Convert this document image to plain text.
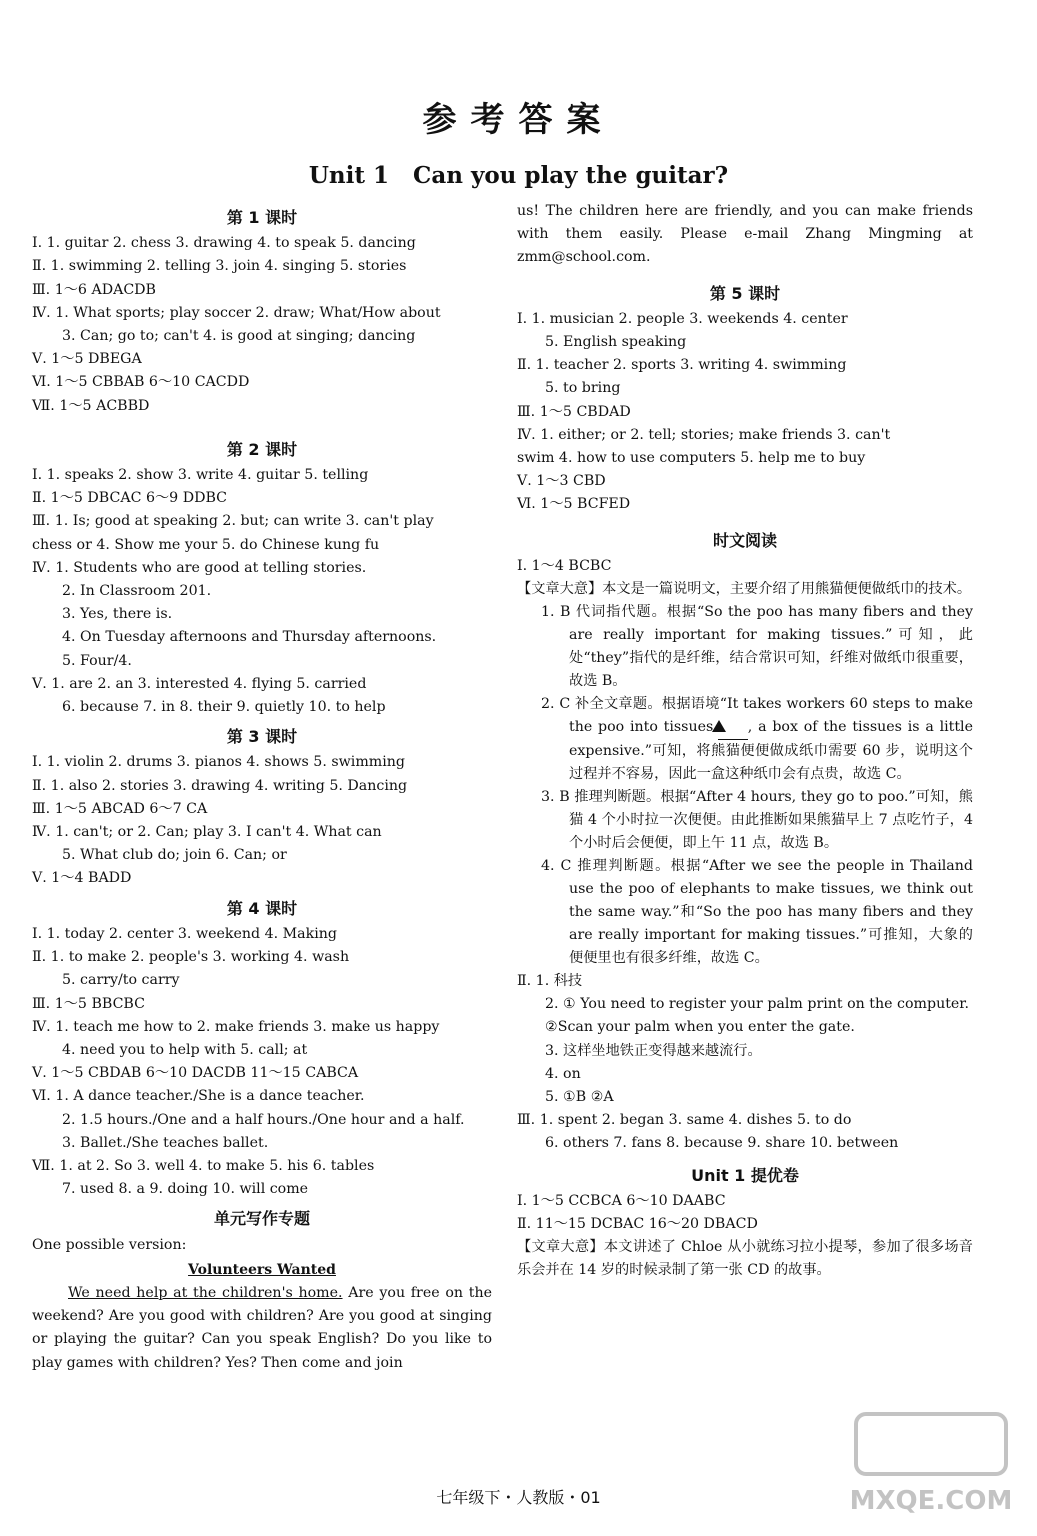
参考答案
Unit 1   Can you play the guitar?
第 1 课时
Ⅰ. 1. guitar 2. chess 3. drawing 4. to speak 5. dancing
Ⅱ. 1. swimming 2. telling 3. join 4. singing 5. stories
Ⅲ. 1～6 ADACDB
Ⅳ. 1. What sports; play soccer 2. draw; What/How about
3. Can; go to; can't 4. is good at singing; dancing
Ⅴ. 1～5 DBEGA
Ⅵ. 1～5 CBBAB 6～10 CACDD
Ⅶ. 1～5 ACBBD
第 2 课时
Ⅰ. 1. speaks 2. show 3. write 4. guitar 5. telling
Ⅱ. 1～5 DBCAC 6～9 DDBC
Ⅲ. 1. Is; good at speaking 2. but; can write 3. can't play
chess or 4. Show me your 5. do Chinese kung fu
Ⅳ. 1. Students who are good at telling stories.
2. In Classroom 201.
3. Yes, there is.
4. On Tuesday afternoons and Thursday afternoons.
5. Four/4.
Ⅴ. 1. are 2. an 3. interested 4. flying 5. carried
6. because 7. in 8. their 9. quietly 10. to help
第 3 课时
Ⅰ. 1. violin 2. drums 3. pianos 4. shows 5. swimming
Ⅱ. 1. also 2. stories 3. drawing 4. writing 5. Dancing
Ⅲ. 1～5 ABCAD 6～7 CA
Ⅳ. 1. can't; or 2. Can; play 3. I can't 4. What can
5. What club do; join 6. Can; or
Ⅴ. 1～4 BADD
第 4 课时
Ⅰ. 1. today 2. center 3. weekend 4. Making
Ⅱ. 1. to make 2. people's 3. working 4. wash
5. carry/to carry
Ⅲ. 1～5 BBCBC
Ⅳ. 1. teach me how to 2. make friends 3. make us happy
4. need you to help with 5. call; at
Ⅴ. 1～5 CBDAB 6～10 DACDB 11～15 CABCA
Ⅵ. 1. A dance teacher./She is a dance teacher.
2. 1.5 hours./One and a half hours./One hour and a half.
3. Ballet./She teaches ballet.
Ⅶ. 1. at 2. So 3. well 4. to make 5. his 6. tables
7. used 8. a 9. doing 10. will come
单元写作专题
One possible version:
Volunteers Wanted
We need help at the children's home. Are you free on the weekend? Are you good with children? Are you good at singing or playing the guitar? Can you speak English? Do you like to play games with children? Yes? Then come and join
us! The children here are friendly, and you can make friends with them easily. Please e-mail Zhang Mingming at zmm@school.com.
第 5 课时
Ⅰ. 1. musician 2. people 3. weekends 4. center
5. English speaking
Ⅱ. 1. teacher 2. sports 3. writing 4. swimming
5. to bring
Ⅲ. 1～5 CBDAD
Ⅳ. 1. either; or 2. tell; stories; make friends 3. can't
swim 4. how to use computers 5. help me to buy
Ⅴ. 1～3 CBD
Ⅵ. 1～5 BCFED
时文阅读
Ⅰ. 1～4 BCBC
【文章大意】本文是一篇说明文，主要介绍了用熊猫便便做纸巾的技术。
1. B 代词指代题。根据“So the poo has many fibers and they are really important for making tissues.”可知，此处“they”指代的是纤维，结合常识可知，纤维对做纸巾很重要，故选 B。
2. C 补全文章题。根据语境“It takes workers 60 steps to make the poo into tissues. , a box of the tissues is a little expensive.”可知，将熊猫便便做成纸巾需要 60 步，说明这个过程并不容易，因此一盒这种纸巾会有点贵，故选 C。
3. B 推理判断题。根据“After 4 hours, they go to poo.”可知，熊猫 4 个小时拉一次便便。由此推断如果熊猫早上 7 点吃竹子，4 个小时后会便便，即上午 11 点，故选 B。
4. C 推理判断题。根据“After we see the people in Thailand use the poo of elephants to make tissues, we think out the same way.”和“So the poo has many fibers and they are really important for making tissues.”可推知，大象的便便里也有很多纤维，故选 C。
Ⅱ. 1. 科技
2. ① You need to register your palm print on the computer.
②Scan your palm when you enter the gate.
3. 这样坐地铁正变得越来越流行。
4. on
5. ①B ②A
Ⅲ. 1. spent 2. began 3. same 4. dishes 5. to do
6. others 7. fans 8. because 9. share 10. between
Unit 1 提优卷
Ⅰ. 1～5 CCBCA 6～10 DAABC
Ⅱ. 11～15 DCBAC 16～20 DBACD
【文章大意】本文讲述了 Chloe 从小就练习拉小提琴，参加了很多场音乐会并在 14 岁的时候录制了第一张 CD 的故事。
七年级下・人教版・01	MXQE.COM
